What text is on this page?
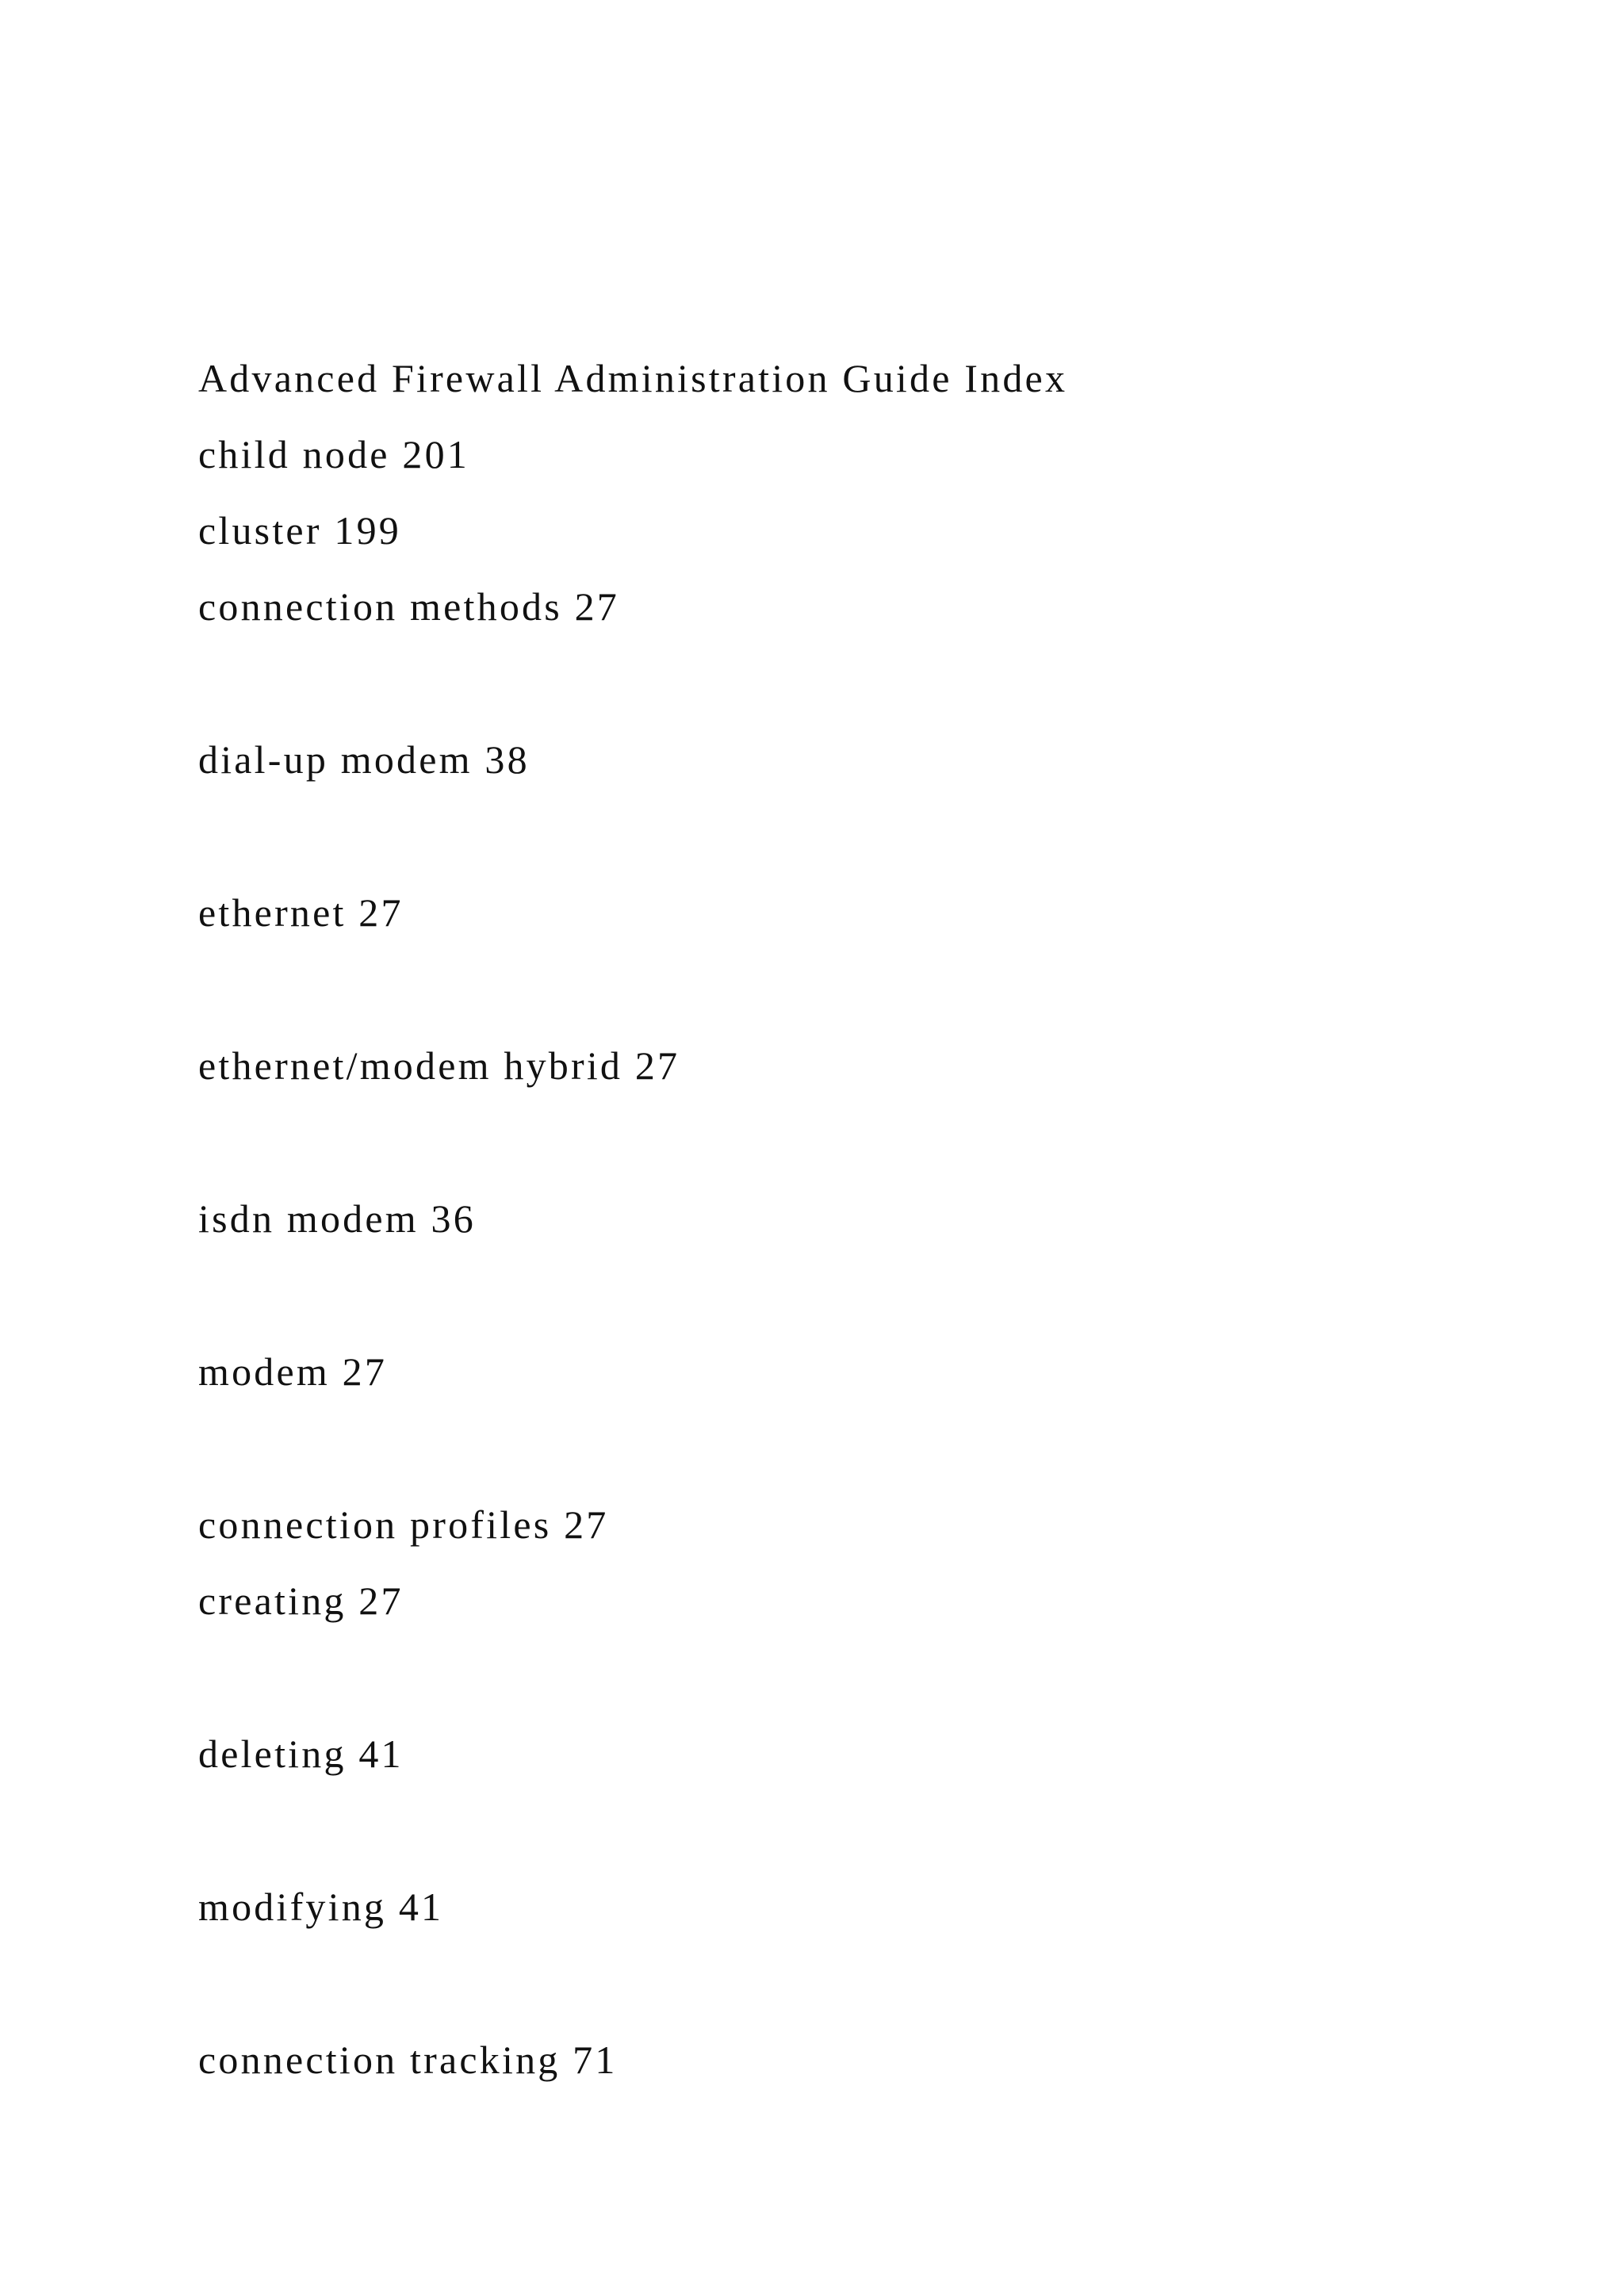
Advanced Firewall Administration Guide Index

child node 201

cluster 199

connection methods 27

dial-up modem 38

ethernet 27

ethernet/modem hybrid 27

isdn modem 36

modem 27

connection profiles 27

creating 27

deleting 41

modifying 41

connection tracking 71
